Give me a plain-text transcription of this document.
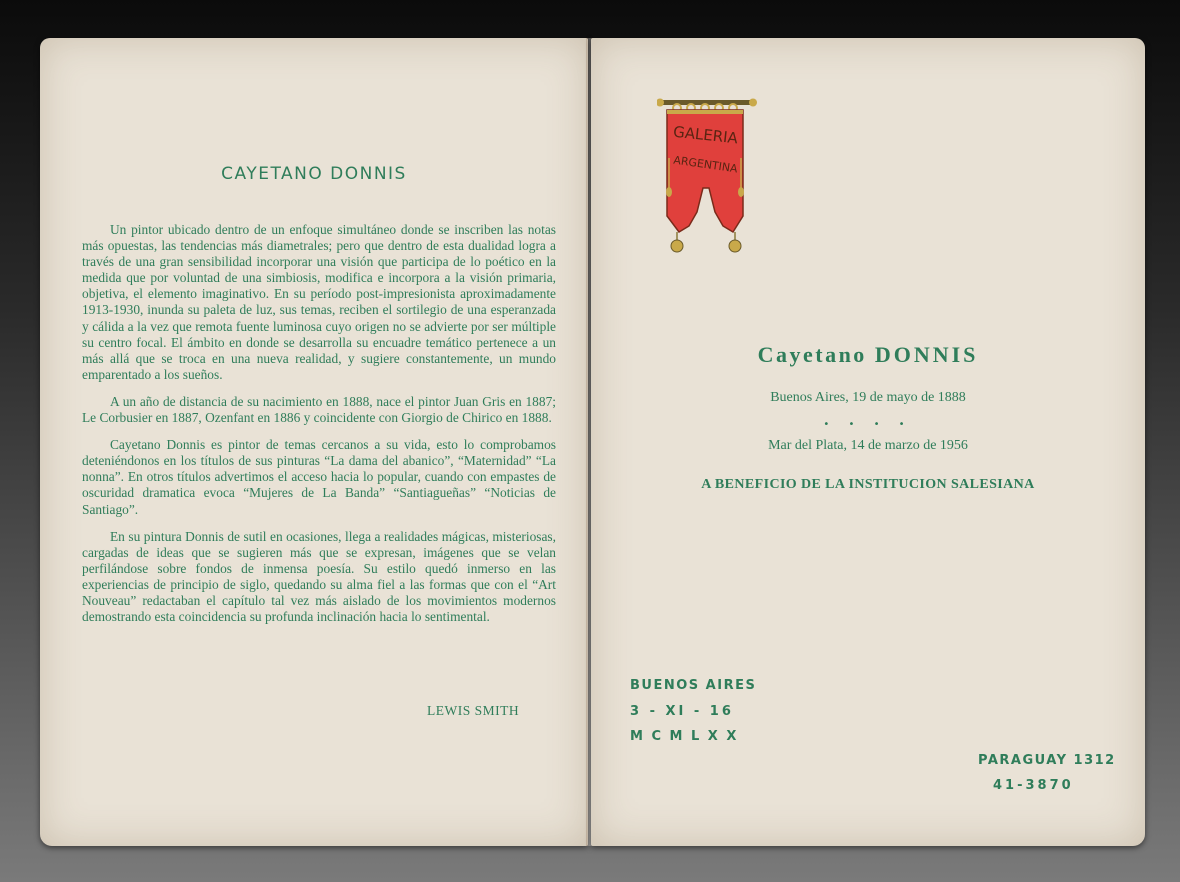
CAYETANO DONNIS

Un pintor ubicado dentro de un enfoque simultáneo donde se inscriben las notas más opuestas, las tendencias más diametrales; pero que dentro de esta dualidad logra a través de una gran sensibilidad incorporar una visión que participa de lo poético en la medida que por voluntad de una simbiosis, modifica e incorpora a la visión primaria, objetiva, el elemento imaginativo. En su período post-impresionista aproximadamente 1913-1930, inunda su paleta de luz, sus temas, reciben el sortilegio de una esperanzada y cálida a la vez que remota fuente luminosa cuyo origen no se advierte por ser múltiple su centro focal. El ámbito en donde se desarrolla su encuadre temático pertenece a un más allá que se troca en una nueva realidad, y sugiere constantemente, un mundo emparentado a los sueños.

A un año de distancia de su nacimiento en 1888, nace el pintor Juan Gris en 1887; Le Corbusier en 1887, Ozenfant en 1886 y coincidente con Giorgio de Chirico en 1888.

Cayetano Donnis es pintor de temas cercanos a su vida, esto lo comprobamos deteniéndonos en los títulos de sus pinturas “La dama del abanico”, “Maternidad” “La nonna”. En otros títulos advertimos el acceso hacia lo popular, cuando con empastes de oscuridad dramatica evoca “Mujeres de La Banda” “Santiagueñas” “Noticias de Santiago”.

En su pintura Donnis de sutil en ocasiones, llega a realidades mágicas, misteriosas, cargadas de ideas que se sugieren más que se expresan, imágenes que se velan perfilándose sobre fondos de inmensa poesía. Su estilo quedó inmerso en las experiencias de principio de siglo, quedando su alma fiel a las formas que con el “Art Nouveau” redactaban el capítulo tal vez más aislado de los movimientos modernos demostrando esta coincidencia su profunda inclinación hacia lo sentimental.

LEWIS SMITH
GALERIA
ARGENTINA
Cayetano DONNIS
Buenos Aires, 19 de mayo de 1888
• • • •
Mar del Plata, 14 de marzo de 1956
A BENEFICIO DE LA INSTITUCION SALESIANA
BUENOS AIRES
3 - XI - 16
M C M L X X
PARAGUAY 1312
41-3870
